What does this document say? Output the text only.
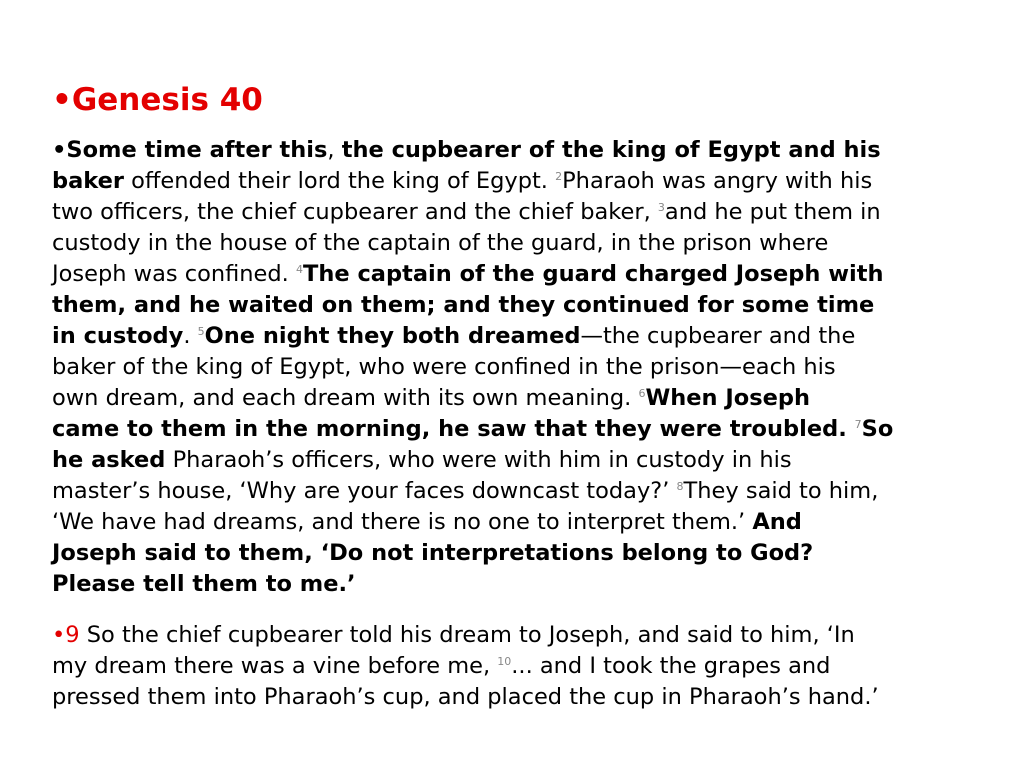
•Genesis 40
•Some time after this, the cupbearer of the king of Egypt and his
baker offended their lord the king of Egypt. $^2$Pharaoh was angry with his
two officers, the chief cupbearer and the chief baker, $^3$and he put them in
custody in the house of the captain of the guard, in the prison where
Joseph was confined. $^4$The captain of the guard charged Joseph with
them, and he waited on them; and they continued for some time
in custody. $^5$One night they both dreamed—the cupbearer and the
baker of the king of Egypt, who were confined in the prison—each his
own dream, and each dream with its own meaning. $^6$When Joseph
came to them in the morning, he saw that they were troubled. $^7$So
he asked Pharaoh’s officers, who were with him in custody in his
master’s house, ‘Why are your faces downcast today?’ $^8$They said to him,
‘We have had dreams, and there is no one to interpret them.’ And
Joseph said to them, ‘Do not interpretations belong to God?
Please tell them to me.’
•9 So the chief cupbearer told his dream to Joseph, and said to him, ‘In
my dream there was a vine before me, $^{10}$... and I took the grapes and
pressed them into Pharaoh’s cup, and placed the cup in Pharaoh’s hand.’
